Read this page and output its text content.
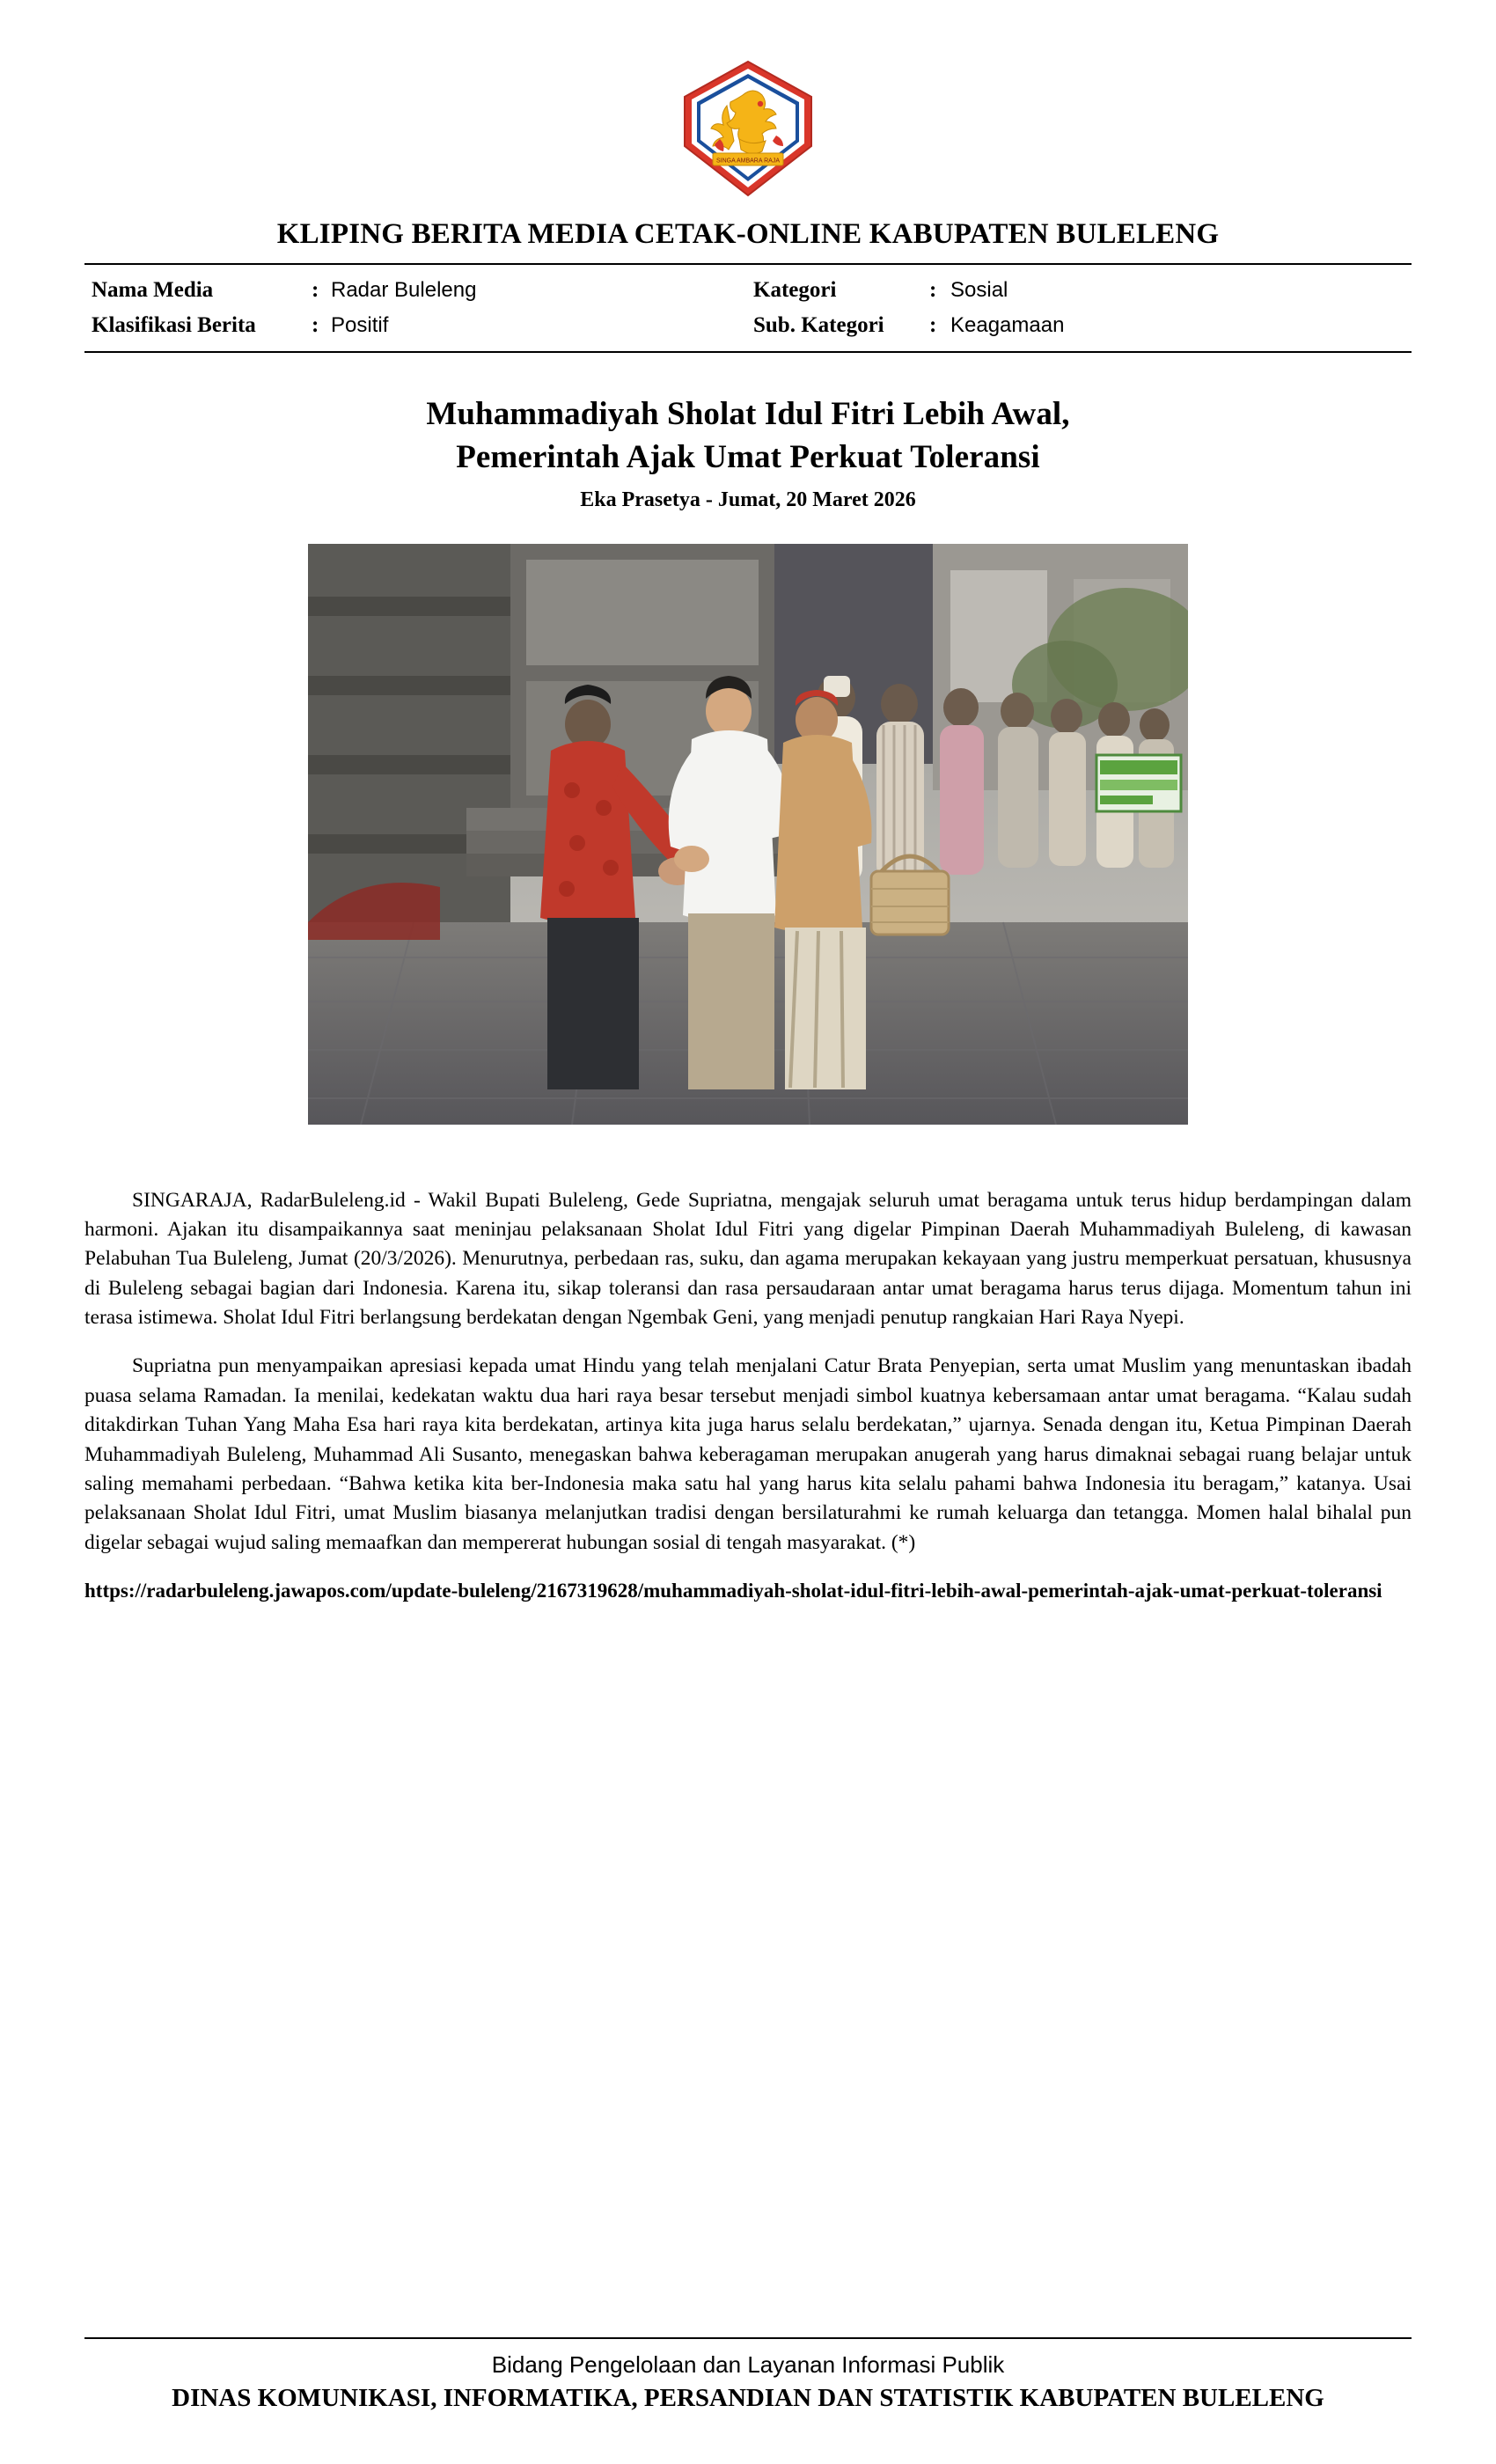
SINGA AMBARA RAJA
KLIPING BERITA MEDIA CETAK-ONLINE KABUPATEN BULELENG
Nama Media	: Radar Buleleng	Kategori	: Sosial
Klasifikasi Berita	: Positif	Sub. Kategori	: Keagamaan
Muhammadiyah Sholat Idul Fitri Lebih Awal,
Pemerintah Ajak Umat Perkuat Toleransi
Eka Prasetya - Jumat, 20 Maret 2026

SINGARAJA, RadarBuleleng.id - Wakil Bupati Buleleng, Gede Supriatna, mengajak seluruh umat beragama untuk terus hidup berdampingan dalam harmoni. Ajakan itu disampaikannya saat meninjau pelaksanaan Sholat Idul Fitri yang digelar Pimpinan Daerah Muhammadiyah Buleleng, di kawasan Pelabuhan Tua Buleleng, Jumat (20/3/2026). Menurutnya, perbedaan ras, suku, dan agama merupakan kekayaan yang justru memperkuat persatuan, khususnya di Buleleng sebagai bagian dari Indonesia. Karena itu, sikap toleransi dan rasa persaudaraan antar umat beragama harus terus dijaga. Momentum tahun ini terasa istimewa. Sholat Idul Fitri berlangsung berdekatan dengan Ngembak Geni, yang menjadi penutup rangkaian Hari Raya Nyepi.

Supriatna pun menyampaikan apresiasi kepada umat Hindu yang telah menjalani Catur Brata Penyepian, serta umat Muslim yang menuntaskan ibadah puasa selama Ramadan. Ia menilai, kedekatan waktu dua hari raya besar tersebut menjadi simbol kuatnya kebersamaan antar umat beragama. “Kalau sudah ditakdirkan Tuhan Yang Maha Esa hari raya kita berdekatan, artinya kita juga harus selalu berdekatan,” ujarnya. Senada dengan itu, Ketua Pimpinan Daerah Muhammadiyah Buleleng, Muhammad Ali Susanto, menegaskan bahwa keberagaman merupakan anugerah yang harus dimaknai sebagai ruang belajar untuk saling memahami perbedaan. “Bahwa ketika kita ber-Indonesia maka satu hal yang harus kita selalu pahami bahwa Indonesia itu beragam,” katanya. Usai pelaksanaan Sholat Idul Fitri, umat Muslim biasanya melanjutkan tradisi dengan bersilaturahmi ke rumah keluarga dan tetangga. Momen halal bihalal pun digelar sebagai wujud saling memaafkan dan mempererat hubungan sosial di tengah masyarakat. (*)

https://radarbuleleng.jawapos.com/update-buleleng/2167319628/muhammadiyah-sholat-idul-fitri-lebih-awal-pemerintah-ajak-umat-perkuat-toleransi
Bidang Pengelolaan dan Layanan Informasi Publik
DINAS KOMUNIKASI, INFORMATIKA, PERSANDIAN DAN STATISTIK KABUPATEN BULELENG
